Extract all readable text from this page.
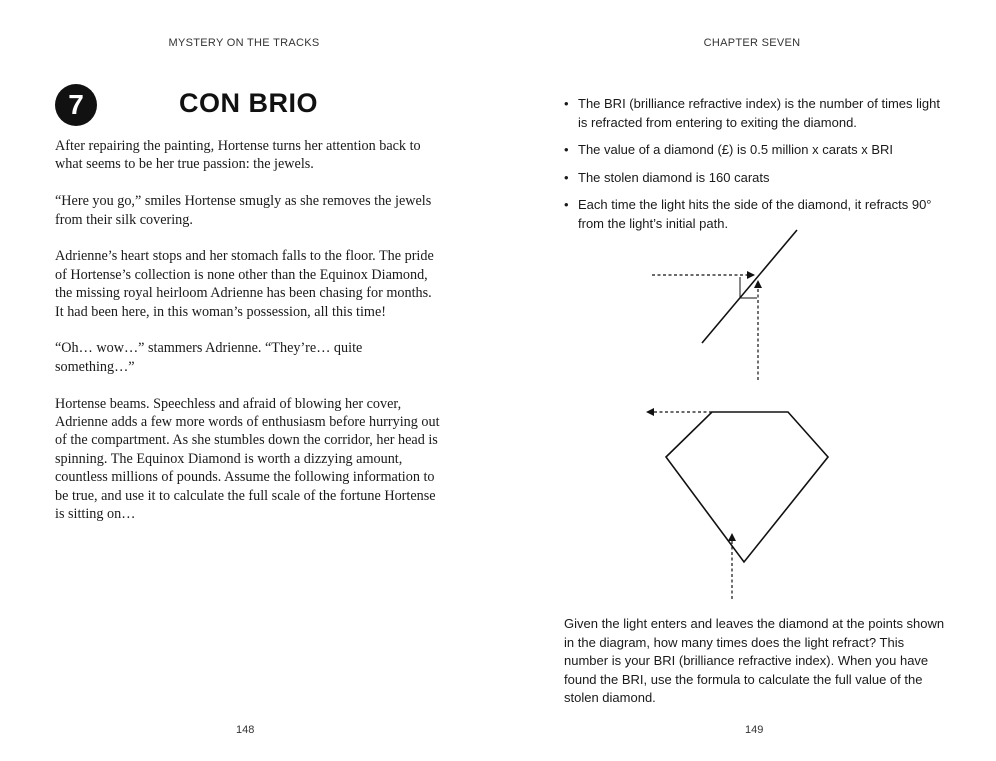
MYSTERY ON THE TRACKS
7	CON BRIO

After repairing the painting, Hortense turns her attention back to what seems to be her true passion: the jewels.

“Here you go,” smiles Hortense smugly as she removes the jewels from their silk covering.

Adrienne’s heart stops and her stomach falls to the floor. The pride of Hortense’s collection is none other than the Equinox Diamond, the missing royal heirloom Adrienne has been chasing for months. It had been here, in this woman’s possession, all this time!

“Oh… wow…” stammers Adrienne. “They’re… quite something…”

Hortense beams. Speechless and afraid of blowing her cover, Adrienne adds a few more words of enthusiasm before hurrying out of the compartment. As she stumbles down the corridor, her head is spinning. The Equinox Diamond is worth a dizzying amount, countless millions of pounds. Assume the following information to be true, and use it to calculate the full scale of the fortune Hortense is sitting on…

148
CHAPTER SEVEN
• The BRI (brilliance refractive index) is the number of times light is refracted from entering to exiting the diamond.
• The value of a diamond (£) is 0.5 million x carats x BRI
• The stolen diamond is 160 carats
• Each time the light hits the side of the diamond, it refracts 90° from the light’s initial path.
Given the light enters and leaves the diamond at the points shown in the diagram, how many times does the light refract? This number is your BRI (brilliance refractive index). When you have found the BRI, use the formula to calculate the full value of the stolen diamond.
149
